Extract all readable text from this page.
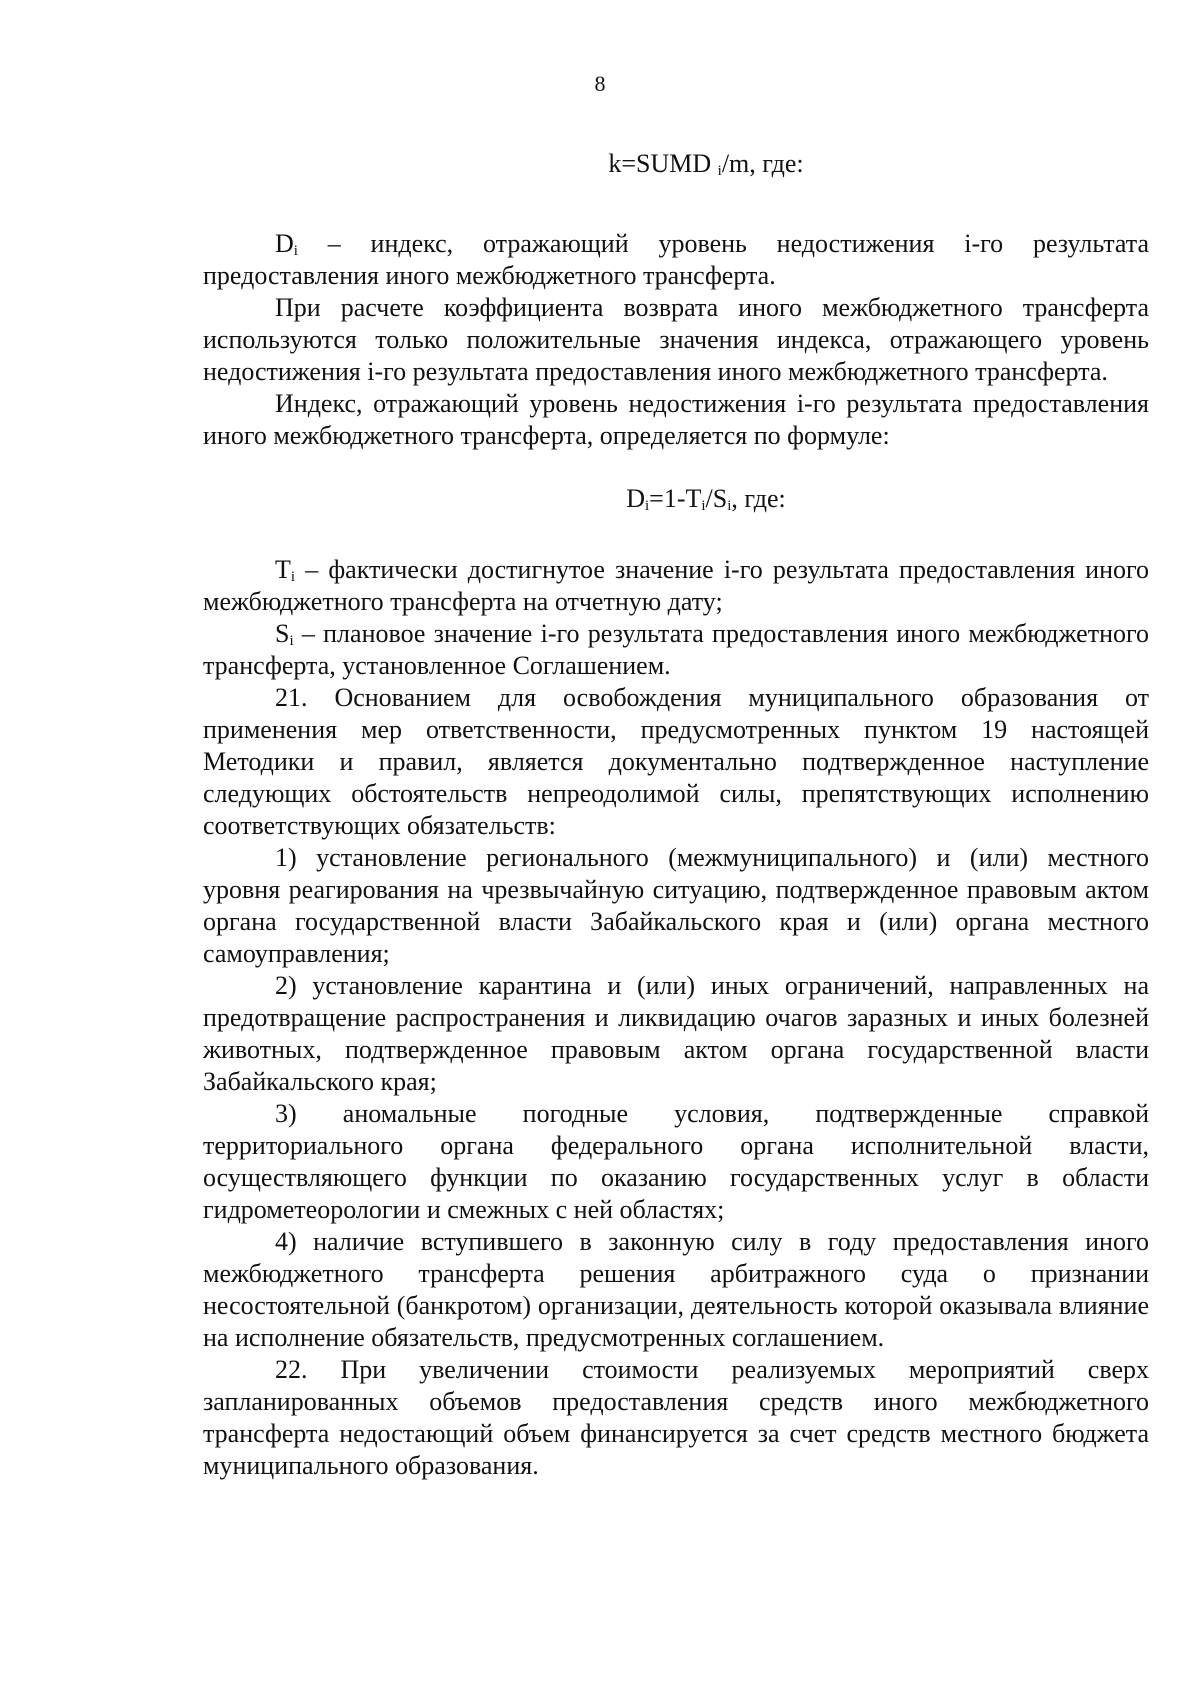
8
k=SUMD $_i$/m, где:

$D_i$ – индекс, отражающий уровень недостижения i-го результата предоставления иного межбюджетного трансферта.

При расчете коэффициента возврата иного межбюджетного трансферта используются только положительные значения индекса, отражающего уровень недостижения i-го результата предоставления иного межбюджетного трансферта.

Индекс, отражающий уровень недостижения i-го результата предоставления иного межбюджетного трансферта, определяется по формуле:

$D_i=1-T_i/S_i$, где:

$T_i$ – фактически достигнутое значение i-го результата предоставления иного межбюджетного трансферта на отчетную дату;

$S_i$ – плановое значение i-го результата предоставления иного межбюджетного трансферта, установленное Соглашением.

21. Основанием для освобождения муниципального образования от применения мер ответственности, предусмотренных пунктом 19 настоящей Методики и правил, является документально подтвержденное наступление следующих обстоятельств непреодолимой силы, препятствующих исполнению соответствующих обязательств:

1) установление регионального (межмуниципального) и (или) местного уровня реагирования на чрезвычайную ситуацию, подтвержденное правовым актом органа государственной власти Забайкальского края и (или) органа местного самоуправления;

2) установление карантина и (или) иных ограничений, направленных на предотвращение распространения и ликвидацию очагов заразных и иных болезней животных, подтвержденное правовым актом органа государственной власти Забайкальского края;

3) аномальные погодные условия, подтвержденные справкой территориального органа федерального органа исполнительной власти, осуществляющего функции по оказанию государственных услуг в области гидрометеорологии и смежных с ней областях;

4) наличие вступившего в законную силу в году предоставления иного межбюджетного трансферта решения арбитражного суда о признании несостоятельной (банкротом) организации, деятельность которой оказывала влияние на исполнение обязательств, предусмотренных соглашением.

22. При увеличении стоимости реализуемых мероприятий сверх запланированных объемов предоставления средств иного межбюджетного трансферта недостающий объем финансируется за счет средств местного бюджета муниципального образования.
